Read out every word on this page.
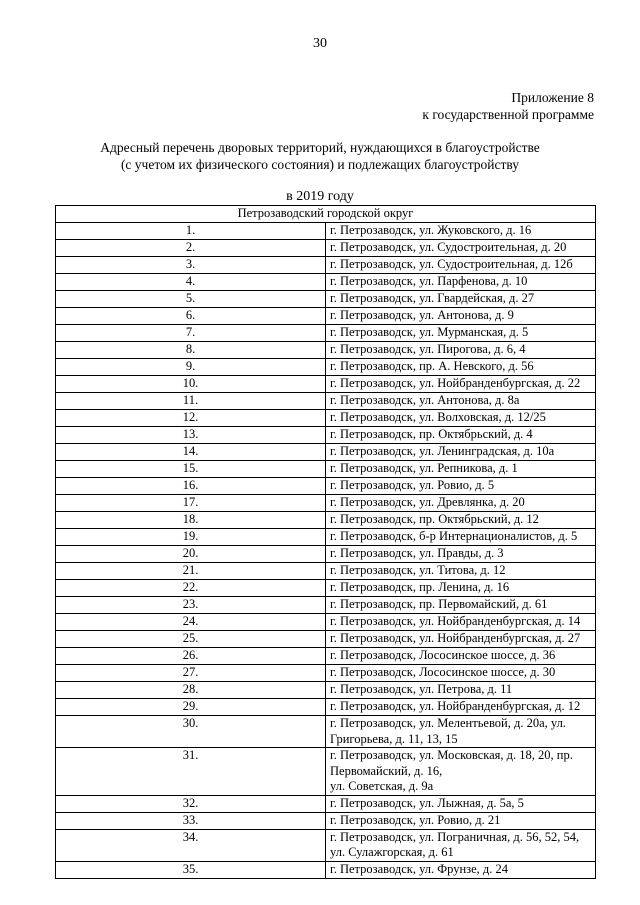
30
Приложение 8
к государственной программе
Адресный перечень дворовых территорий, нуждающихся в благоустройстве
(с учетом их физического состояния) и подлежащих благоустройству
в 2019 году
Петрозаводский городской округ	
1.	г. Петрозаводск, ул. Жуковского, д. 16

2.	г. Петрозаводск, ул. Судостроительная, д. 20

3.	г. Петрозаводск, ул. Судостроительная, д. 12б

4.	г. Петрозаводск, ул. Парфенова, д. 10

5.	г. Петрозаводск, ул. Гвардейская, д. 27

6.	г. Петрозаводск, ул. Антонова, д. 9

7.	г. Петрозаводск, ул. Мурманская, д. 5

8.	г. Петрозаводск, ул. Пирогова, д. 6, 4

9.	г. Петрозаводск, пр. А. Невского, д. 56

10.	г. Петрозаводск, ул. Нойбранденбургская, д. 22

11.	г. Петрозаводск, ул. Антонова, д. 8а

12.	г. Петрозаводск, ул. Волховская, д. 12/25

13.	г. Петрозаводск, пр. Октябрьский, д. 4

14.	г. Петрозаводск, ул. Ленинградская, д. 10а

15.	г. Петрозаводск, ул. Репникова, д. 1

16.	г. Петрозаводск, ул. Ровио, д. 5

17.	г. Петрозаводск, ул. Древлянка, д. 20

18.	г. Петрозаводск, пр. Октябрьский, д. 12

19.	г. Петрозаводск, б-р Интернационалистов, д. 5

20.	г. Петрозаводск, ул. Правды, д. 3

21.	г. Петрозаводск, ул. Титова, д. 12

22.	г. Петрозаводск, пр. Ленина, д. 16

23.	г. Петрозаводск, пр. Первомайский, д. 61

24.	г. Петрозаводск, ул. Нойбранденбургская, д. 14

25.	г. Петрозаводск, ул. Нойбранденбургская, д. 27

26.	г. Петрозаводск, Лососинское шоссе, д. 36

27.	г. Петрозаводск, Лососинское шоссе, д. 30

28.	г. Петрозаводск, ул. Петрова, д. 11

29.	г. Петрозаводск, ул. Нойбранденбургская, д. 12

30.	г. Петрозаводск, ул. Мелентьевой, д. 20а, ул. Григорьева, д. 11, 13, 15

31.	г. Петрозаводск, ул. Московская, д. 18, 20, пр. Первомайский, д. 16,
ул. Советская, д. 9а

32.	г. Петрозаводск, ул. Лыжная, д. 5а, 5

33.	г. Петрозаводск, ул. Ровио, д. 21

34.	г. Петрозаводск, ул. Пограничная, д. 56, 52, 54, ул. Сулажгорская, д. 61

35.	г. Петрозаводск, ул. Фрунзе, д. 24
